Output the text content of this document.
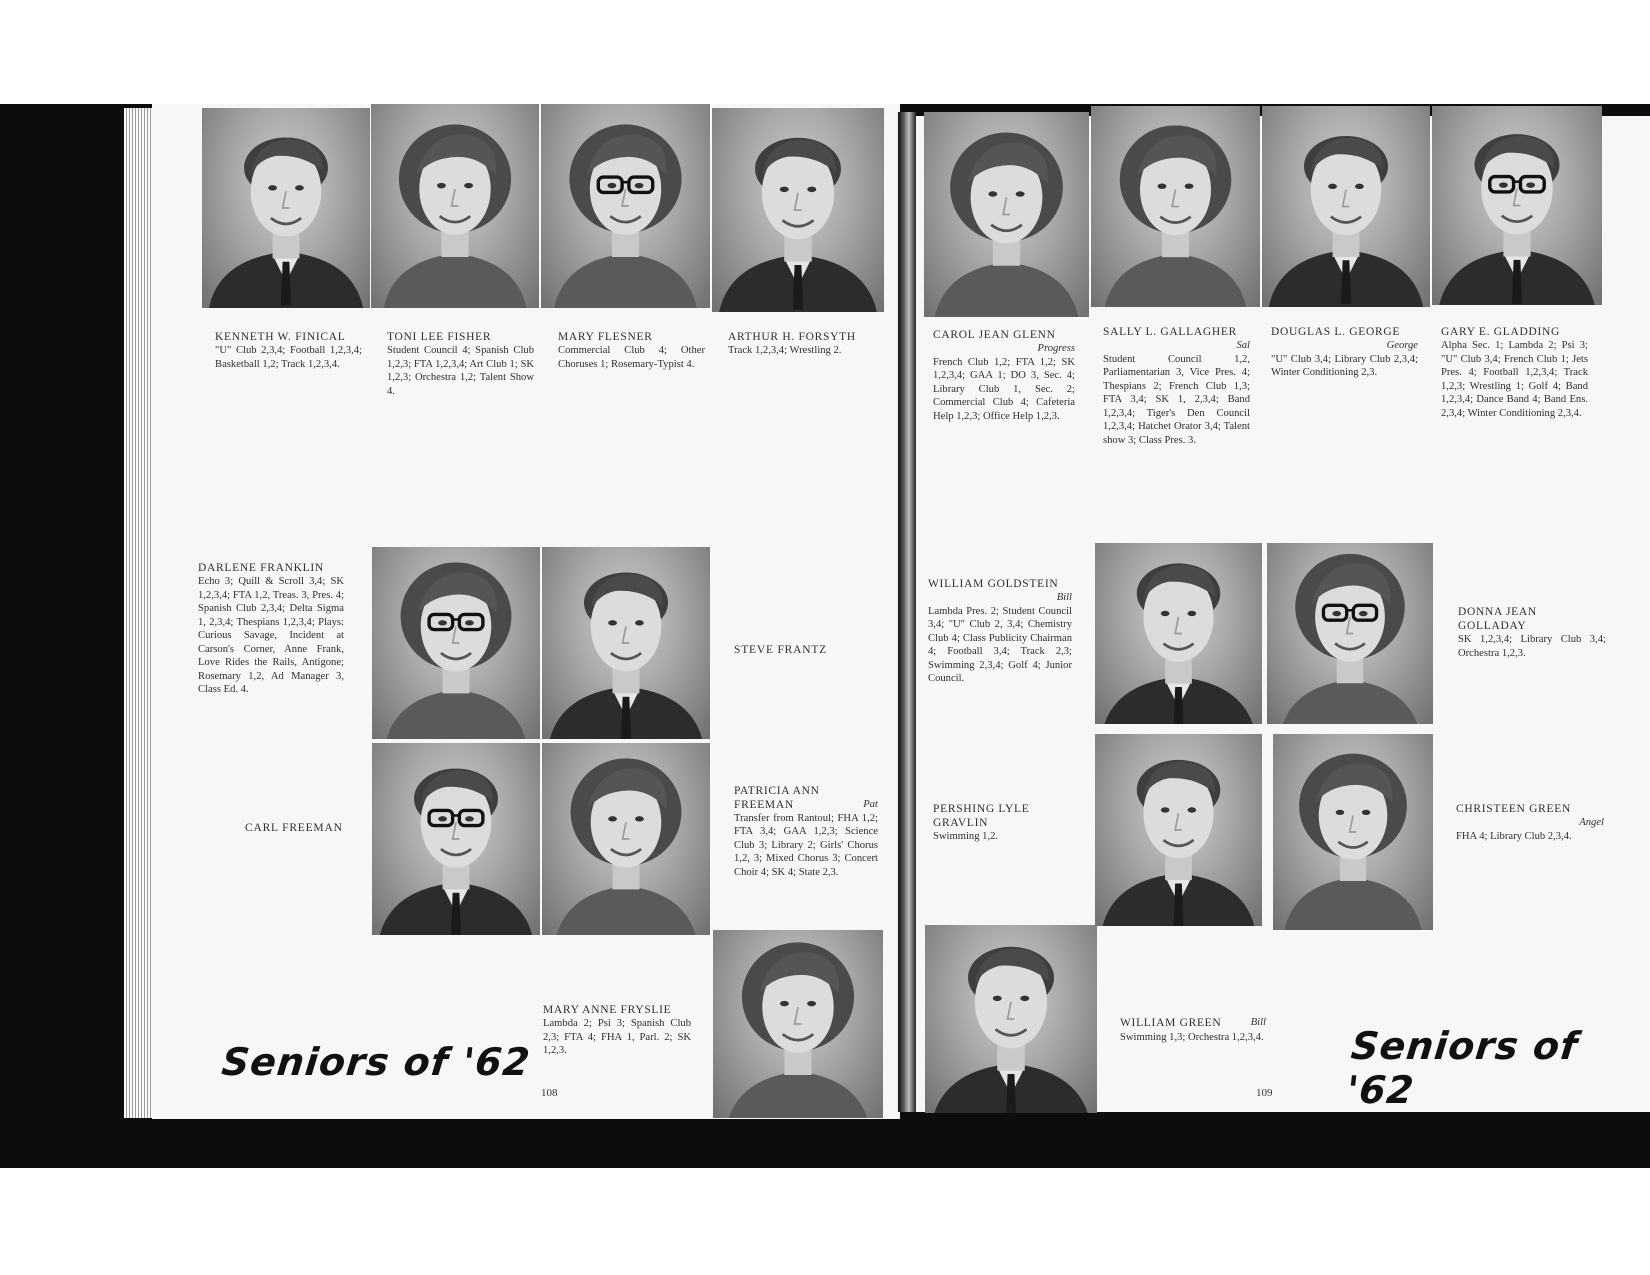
KENNETH W. FINICAL
"U" Club 2,3,4; Football 1,2,3,4; Basketball 1,2; Track 1,2,3,4.
TONI LEE FISHER
Student Council 4; Spanish Club 1,2,3; FTA 1,2,3,4; Art Club 1; SK 1,2,3; Orchestra 1,2; Talent Show 4.
MARY FLESNER
Commercial Club 4; Other Choruses 1; Rosemary-Typist 4.
ARTHUR H. FORSYTH
Track 1,2,3,4; Wrestling 2.
DARLENE FRANKLIN
Echo 3; Quill & Scroll 3,4; SK 1,2,3,4; FTA 1,2, Treas. 3, Pres. 4; Spanish Club 2,3,4; Delta Sigma 1, 2,3,4; Thespians 1,2,3,4; Plays: Curious Savage, Incident at Carson's Corner, Anne Frank, Love Rides the Rails, Antigone; Rosemary 1,2, Ad Manager 3, Class Ed. 4.
STEVE FRANTZ
CARL FREEMAN
PATRICIA ANN FREEMAN	Pat
Transfer from Rantoul; FHA 1,2; FTA 3,4; GAA 1,2,3; Science Club 3; Library 2; Girls' Chorus 1,2, 3; Mixed Chorus 3; Concert Choir 4; SK 4; State 2,3.
MARY ANNE FRYSLIE
Lambda 2; Psi 3; Spanish Club 2,3; FTA 4; FHA 1, Parl. 2; SK 1,2,3.
Seniors of '62
108
CAROL JEAN GLENN
Progress
French Club 1,2; FTA 1,2; SK 1,2,3,4; GAA 1; DO 3, Sec. 4; Library Club 1, Sec. 2; Commercial Club 4; Cafeteria Help 1,2,3; Office Help 1,2,3.
SALLY L. GALLAGHER
Sal
Student Council 1,2, Parliamentarian 3, Vice Pres. 4; Thespians 2; French Club 1,3; FTA 3,4; SK 1, 2,3,4; Band 1,2,3,4; Tiger's Den Council 1,2,3,4; Hatchet Orator 3,4; Talent show 3; Class Pres. 3.
DOUGLAS L. GEORGE
George
"U" Club 3,4; Library Club 2,3,4; Winter Conditioning 2,3.
GARY E. GLADDING
Alpha Sec. 1; Lambda 2; Psi 3; "U" Club 3,4; French Club 1; Jets Pres. 4; Football 1,2,3,4; Track 1,2,3; Wrestling 1; Golf 4; Band 1,2,3,4; Dance Band 4; Band Ens. 2,3,4; Winter Conditioning 2,3,4.
WILLIAM GOLDSTEIN
Bill
Lambda Pres. 2; Student Council 3,4; "U" Club 2, 3,4; Chemistry Club 4; Class Publicity Chairman 4; Football 3,4; Track 2,3; Swimming 2,3,4; Golf 4; Junior Council.
DONNA JEAN GOLLADAY
SK 1,2,3,4; Library Club 3,4; Orchestra 1,2,3.
PERSHING LYLE GRAVLIN
Swimming 1,2.
CHRISTEEN GREEN
Angel
FHA 4; Library Club 2,3,4.
WILLIAM GREEN	Bill

Swimming 1,3; Orchestra 1,2,3,4. Seniors of '62
109
